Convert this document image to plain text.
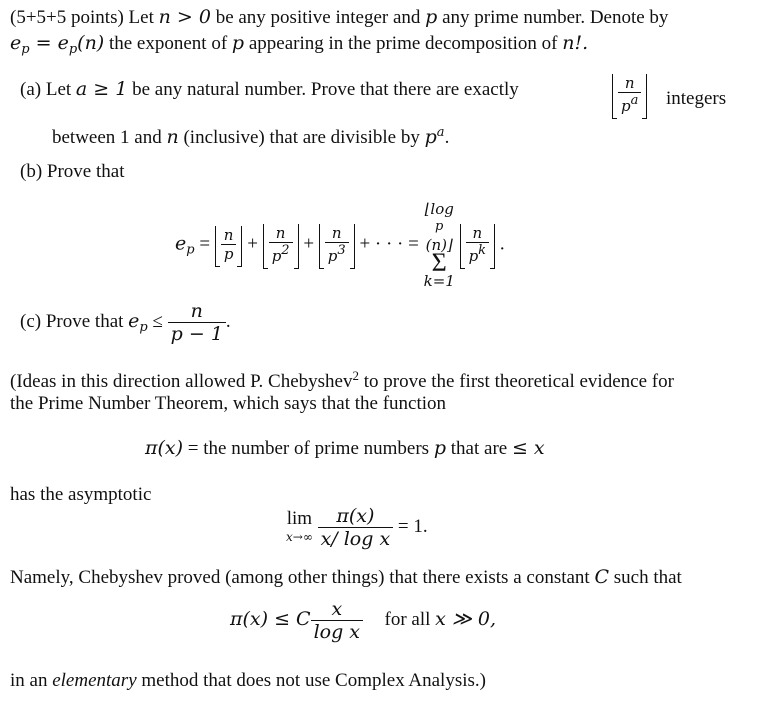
(5+5+5 points) Let n > 0 be any positive integer and p any prime number. Denote by
$e_p = e_p(n)$ the exponent of p appearing in the prime decomposition of n!.
(a) Let a ≥ 1 be any natural number. Prove that there are exactly	$\frac{n}{pa}$ integers
between 1 and n (inclusive) that are divisible by $p^a$.
(b) Prove that
$e_p = \frac{n}{p} + \frac{n}{p2} + \frac{n}{p3}$ + · · · =
⌊log
p
(n)⌋
Σ
k=1

$\frac{n}{pk}$ .
(c) Prove that $e_p \le \frac{n}{p - 1}$ .
(Ideas in this direction allowed P. Chebyshev$^2$ to prove the first theoretical evidence for
the Prime Number Theorem, which says that the function
π(x) = the number of prime numbers p that are ≤ x
has the asymptotic
lim
x→∞
$\frac{\pi(x)}{\text{x/ log x}} = 1$.
Namely, Chebyshev proved (among other things) that there exists a constant C such that
π(x) ≤ C $\frac{x}{\text{log x}}$ for all x ≫ 0,
in an elementary method that does not use Complex Analysis.)
